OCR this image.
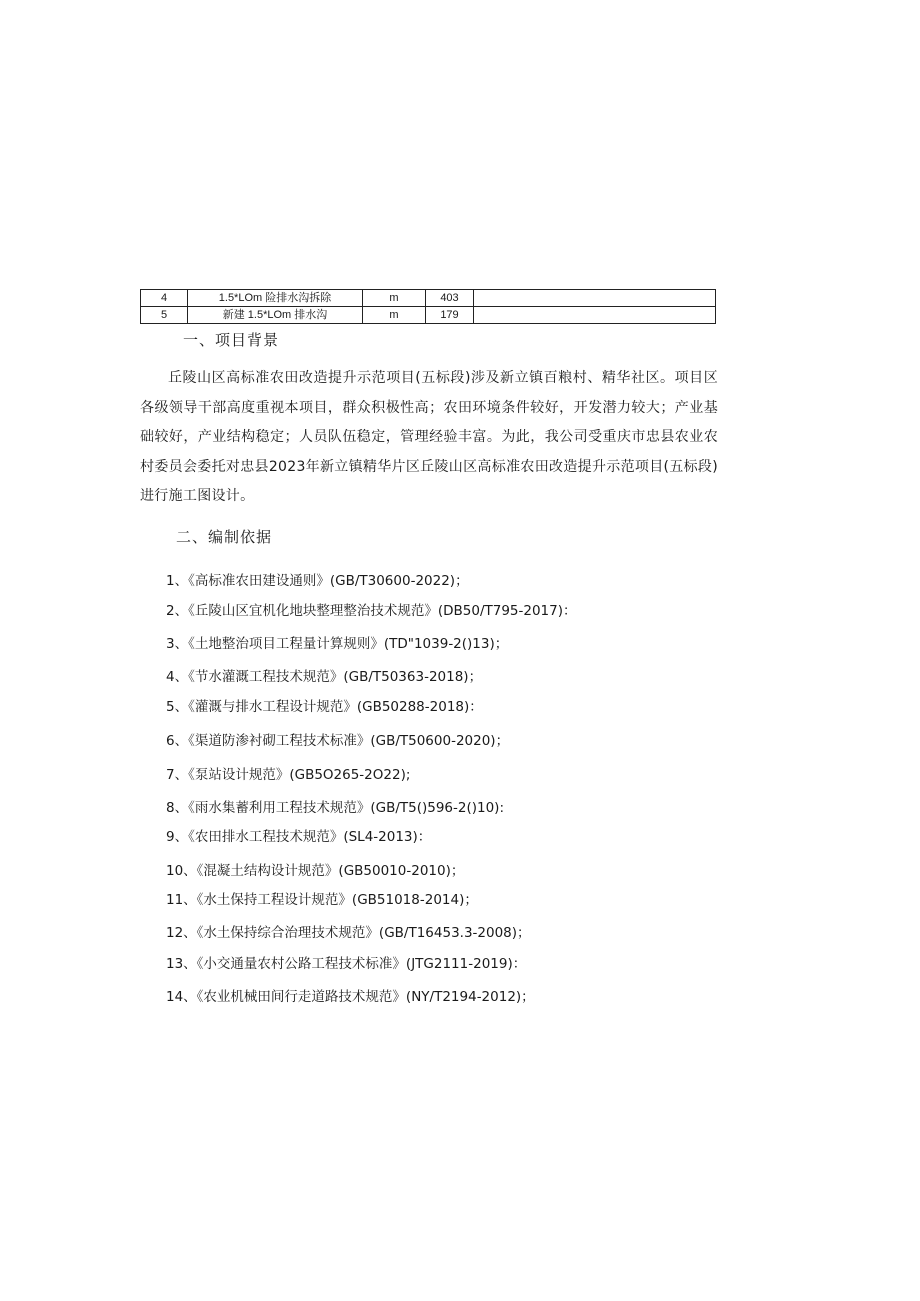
4	1.5*LOm 险排水沟拆除	m	403	
5	新建 1.5*LOm 排水沟	m	179	
一、项目背景

丘陵山区高标准农田改造提升示范项目(五标段)涉及新立镇百粮村、精华社区。项目区各级领导干部高度重视本项目，群众积极性高；农田环境条件较好，开发潜力较大；产业基础较好，产业结构稳定；人员队伍稳定，管理经验丰富。为此，我公司受重庆市忠县农业农村委员会委托对忠县2023年新立镇精华片区丘陵山区高标准农田改造提升示范项目(五标段)进行施工图设计。

二、编制依据
1、《高标准农田建设通则》(GB/T30600-2022)；
2、《丘陵山区宜机化地块整理整治技术规范》(DB50/T795-2017)：
3、《土地整治项目工程量计算规则》(TD"1039-2()13)；
4、《节水灌溉工程技术规范》(GB/T50363-2018)；
5、《灌溉与排水工程设计规范》(GB50288-2018)：
6、《渠道防渗衬砌工程技术标准》(GB/T50600-2020)；
7、《泵站设计规范》(GB5O265-2O22);
8、《雨水集蓄利用工程技术规范》(GB∕T5()596-2()10):
9、《农田排水工程技术规范》(SL4-2013)：
10、《混凝土结构设计规范》(GB50010-2010)；
11、《水土保持工程设计规范》(GB51018-2014)；
12、《水土保持综合治理技术规范》(GB/T16453.3-2008)；
13、《小交通量农村公路工程技术标准》(JTG2111-2019)：
14、《农业机械田间行走道路技术规范》(NY/T2194-2012)；
